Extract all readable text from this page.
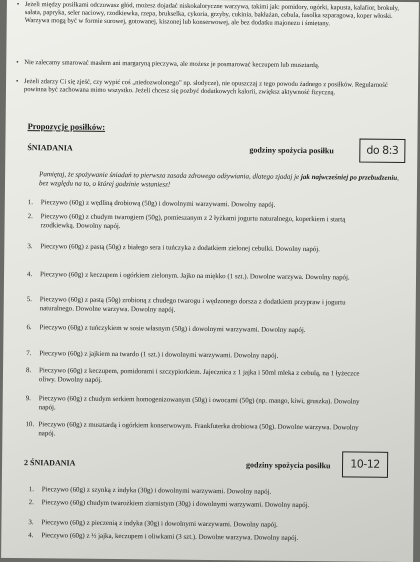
• Jeżeli między posiłkami odczuwasz głód, możesz dojadać niskokaloryczne warzywa, takimi jak: pomidory, ogórki, kapusta, kalafior, brokuły, sałata, papryka, seler naciowy, rzodkiewka, rzepa, brukselka, cykoria, grzyby, cukinia, bakłażan, cebula, fasolka szparagowa, koper włoski. Warzywa mogą być w formie surowej, gotowanej, kiszonej lub konserwowej, ale bez dodatku majonezu i śmietany.
• Nie zalecamy smarować masłem ani margaryną pieczywa, ale możesz je posmarować keczupem lub musztardą.
• Jeżeli zdarzy Ci się zjeść, czy wypić coś „niedozwolonego” np. słodycze), nie opuszczaj z tego powodu żadnego z posiłków. Regularność powinna być zachowana mimo wszystko. Jeżeli chcesz się pozbyć dodatkowych kalorii, zwiększ aktywność fizyczną.
Propozycje posiłków:
ŚNIADANIA	godziny spożycia posiłku	do 8:3
Pamiętaj, że spożywanie śniadań to pierwsza zasada zdrowego odżywiania, dlatego zjadaj je jak najwcześniej po przebudzeniu, bez względu na to, o której godzinie wstaniesz!
1. Pieczywo (60g) z wędliną drobiową (50g) i dowolnymi warzywami. Dowolny napój.
2. Pieczywo (60g) z chudym twarogiem (50g), pomieszanym z 2 łyżkami jogurtu naturalnego, koperkiem i startą rzodkiewką. Dowolny napój.
3. Pieczywo (60g) z pastą (50g) z białego sera i tuńczyka z dodatkiem zielonej cebulki. Dowolny napój.
4. Pieczywo (60g) z keczupem i ogórkiem zielonym. Jajko na miękko (1 szt.). Dowolne warzywa. Dowolny napój.
5. Pieczywo (60g) z pastą (50g) zrobioną z chudego twarogu i wędzonego dorsza z dodatkiem przypraw i jogurtu naturalnego. Dowolne warzywa. Dowolny napój.
6. Pieczywo (60g) z tuńczykiem w sosie własnym (50g) i dowolnymi warzywami. Dowolny napój.
7. Pieczywo (60g) z jajkiem na twardo (1 szt.) i dowolnymi warzywami. Dowolny napój.
8. Pieczywo (60g) z keczupem, pomidorami i szczypiorkiem. Jajecznica z 1 jajka i 50ml mleka z cebulą, na 1 łyżeczce oliwy. Dowolny napój.
9. Pieczywo (60g) z chudym serkiem homogenizowanym (50g) i owocami (50g) (np. mango, kiwi, gruszka). Dowolny napój.
10. Pieczywo (60g) z musztardą i ogórkiem konserwowym. Frankfuterka drobiowa (50g). Dowolne warzywa. Dowolny napój.
2 ŚNIADANIA	godziny spożycia posiłku	10-12
1. Pieczywo (60g) z szynką z indyka (30g) i dowolnymi warzywami. Dowolny napój.
2. Pieczywo (60g) chudym twarożkiem ziarnistym (30g) i dowolnymi warzywami. Dowolny napój.
3. Pieczywo (60g) z pieczenią z indyka (30g) i dowolnymi warzywami. Dowolny napój.
4. Pieczywo (60g) z ½ jajka, keczupem i oliwkami (3 szt.). Dowolne warzywa. Dowolny napój.
